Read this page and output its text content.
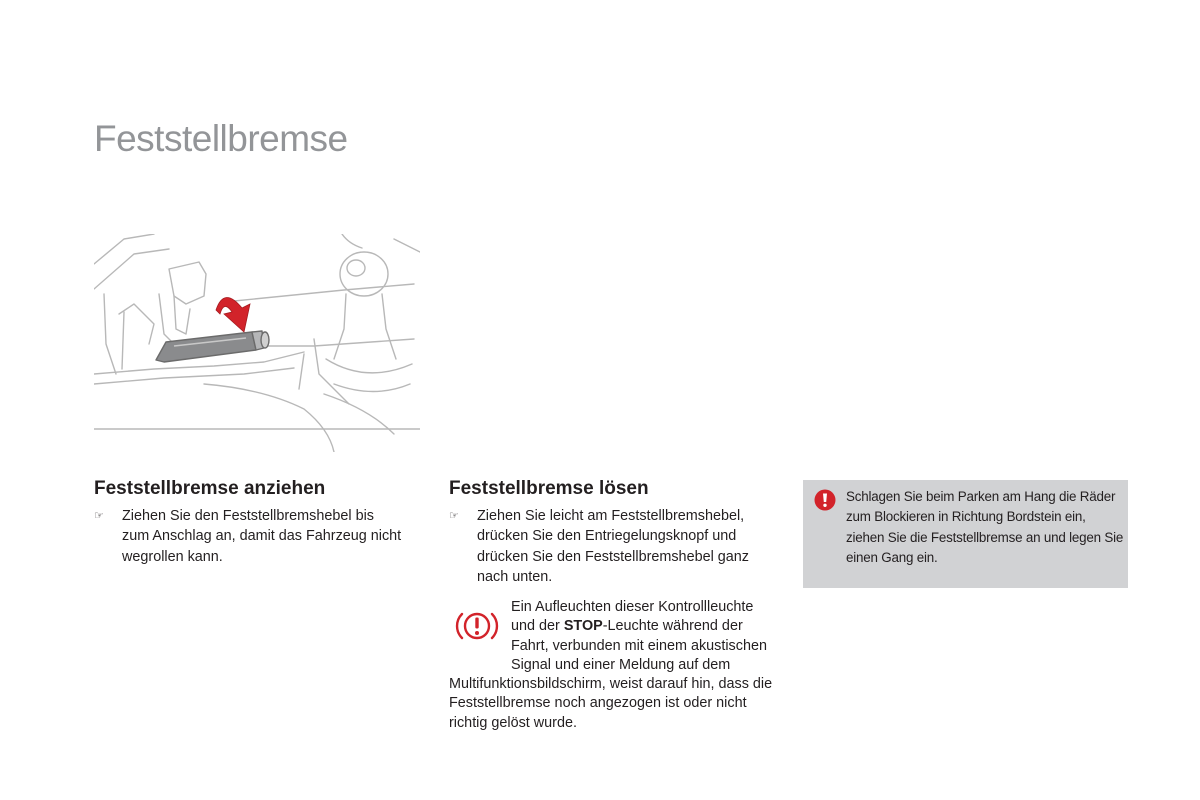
Feststellbremse
Feststellbremse anziehen
☞	Ziehen Sie den Feststellbremshebel bis zum Anschlag an, damit das Fahrzeug nicht wegrollen kann.
Feststellbremse lösen
☞	Ziehen Sie leicht am Feststellbremshebel, drücken Sie den Entriegelungsknopf und drücken Sie den Feststellbremshebel ganz nach unten.
Ein Aufleuchten dieser Kontrollleuchte und der STOP-Leuchte während der Fahrt, verbunden mit einem akustischen Signal und einer Meldung auf dem Multifunktionsbildschirm, weist darauf hin, dass die Feststellbremse noch angezogen ist oder nicht richtig gelöst wurde.
Schlagen Sie beim Parken am Hang die Räder zum Blockieren in Richtung Bordstein ein, ziehen Sie die Feststellbremse an und legen Sie einen Gang ein.
